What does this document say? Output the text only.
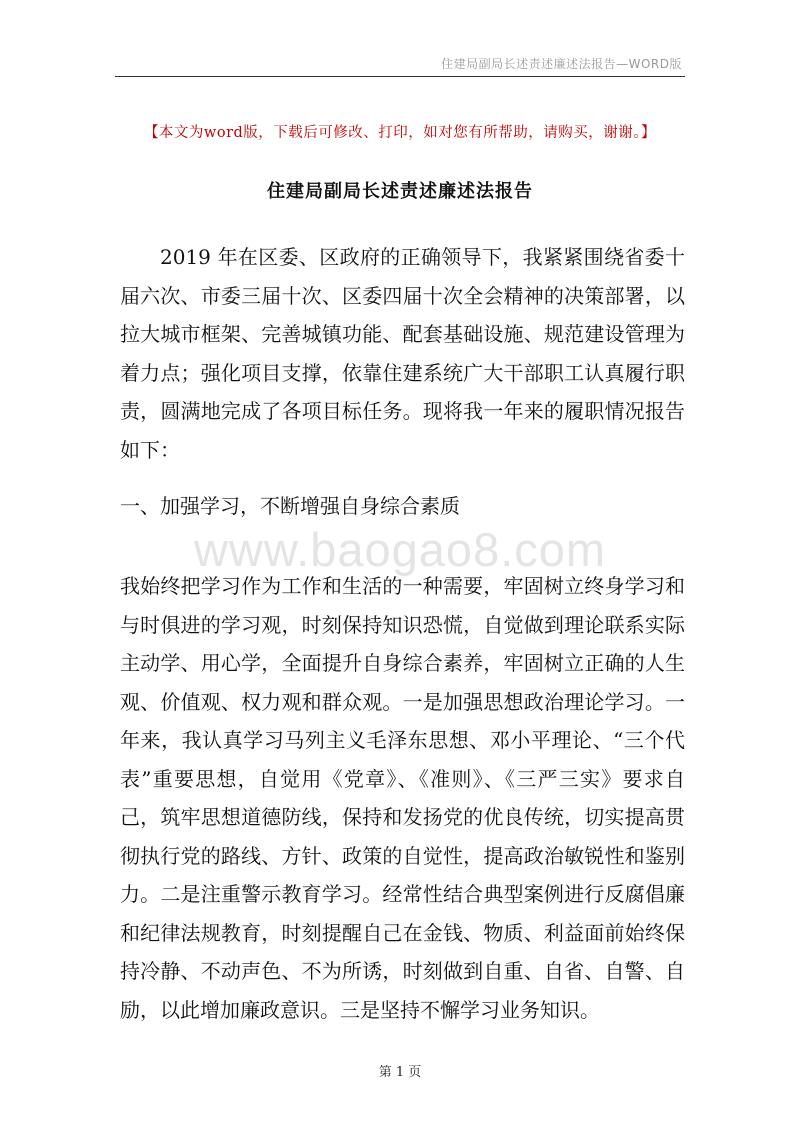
住建局副局长述责述廉述法报告—WORD版
【本文为word版，下载后可修改、打印，如对您有所帮助，请购买，谢谢。】
住建局副局长述责述廉述法报告

2019 年在区委、区政府的正确领导下，我紧紧围绕省委十届六次、市委三届十次、区委四届十次全会精神的决策部署，以拉大城市框架、完善城镇功能、配套基础设施、规范建设管理为着力点；强化项目支撑，依靠住建系统广大干部职工认真履行职责，圆满地完成了各项目标任务。现将我一年来的履职情况报告如下：

一、加强学习，不断增强自身综合素质
www.baogao8.com

我始终把学习作为工作和生活的一种需要，牢固树立终身学习和与时俱进的学习观，时刻保持知识恐慌，自觉做到理论联系实际主动学、用心学，全面提升自身综合素养，牢固树立正确的人生观、价值观、权力观和群众观。一是加强思想政治理论学习。一年来，我认真学习马列主义毛泽东思想、邓小平理论、“三个代表”重要思想，自觉用《党章》、《准则》、《三严三实》要求自己，筑牢思想道德防线，保持和发扬党的优良传统，切实提高贯彻执行党的路线、方针、政策的自觉性，提高政治敏锐性和鉴别力。二是注重警示教育学习。经常性结合典型案例进行反腐倡廉和纪律法规教育，时刻提醒自己在金钱、物质、利益面前始终保持冷静、不动声色、不为所诱，时刻做到自重、自省、自警、自励，以此增加廉政意识。三是坚持不懈学习业务知识。

第 1 页
